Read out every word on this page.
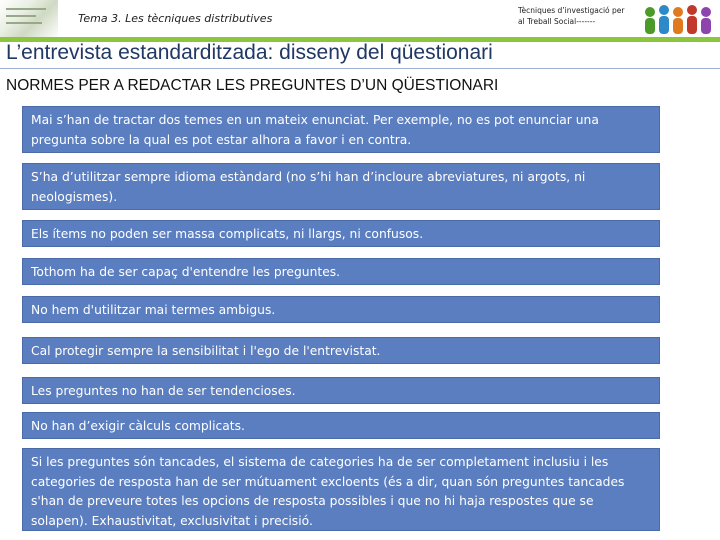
Tema 3. Les tècniques distributives
Tècniques d’investigació per
al Treball Social-------
L’entrevista estandarditzada: disseny del qüestionari
NORMES PER A REDACTAR LES PREGUNTES D’UN QÜESTIONARI
Mai s’han de tractar dos temes en un mateix enunciat. Per exemple, no es pot enunciar una pregunta sobre la qual es pot estar alhora a favor i en contra.
S’ha d’utilitzar sempre idioma estàndard (no s’hi han d’incloure abreviatures, ni argots, ni neologismes).
Els ítems no poden ser massa complicats, ni llargs, ni confusos.
Tothom ha de ser capaç d'entendre les preguntes.
No hem d'utilitzar mai termes ambigus.
Cal protegir sempre la sensibilitat i l'ego de l'entrevistat.
Les preguntes no han de ser tendencioses.
No han d’exigir càlculs complicats.
Si les preguntes són tancades, el sistema de categories ha de ser completament inclusiu i les categories de resposta han de ser mútuament excloents (és a dir, quan són preguntes tancades s'han de preveure totes les opcions de resposta possibles i que no hi haja respostes que se solapen). Exhaustivitat, exclusivitat i precisió.
